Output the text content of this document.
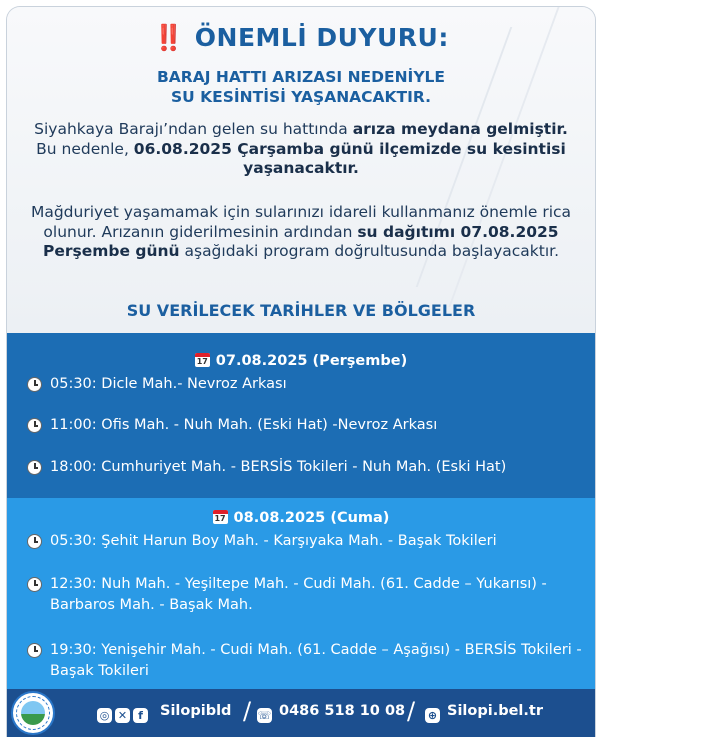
‼️ ÖNEMLİ DUYURU:
BARAJ HATTI ARIZASI NEDENİYLE
SU KESİNTİSİ YAŞANACAKTIR.
Siyahkaya Barajı’ndan gelen su hattında arıza meydana gelmiştir. Bu nedenle, 06.08.2025 Çarşamba günü ilçemizde su kesintisi yaşanacaktır.
Mağduriyet yaşamamak için sularınızı idareli kullanmanız önemle rica olunur. Arızanın giderilmesinin ardından su dağıtımı 07.08.2025 Perşembe günü aşağıdaki program doğrultusunda başlayacaktır.
SU VERİLECEK TARİHLER VE BÖLGELER
1707.08.2025 (Perşembe)
05:30: Dicle Mah.- Nevroz Arkası
11:00: Ofis Mah. - Nuh Mah. (Eski Hat) -Nevroz Arkası
18:00: Cumhuriyet Mah. - BERSİS Tokileri - Nuh Mah. (Eski Hat)
1708.08.2025 (Cuma)
05:30: Şehit Harun Boy Mah. - Karşıyaka Mah. - Başak Tokileri
12:30: Nuh Mah. - Yeşiltepe Mah. - Cudi Mah. (61. Cadde – Yukarısı) - Barbaros Mah. - Başak Mah.
19:30: Yenişehir Mah. - Cudi Mah. (61. Cadde – Aşağısı) - BERSİS Tokileri - Başak Tokileri
◎ ✕ f	Silopibld / ☏ 0486 518 10 08 / ⊕ Silopi.bel.tr
